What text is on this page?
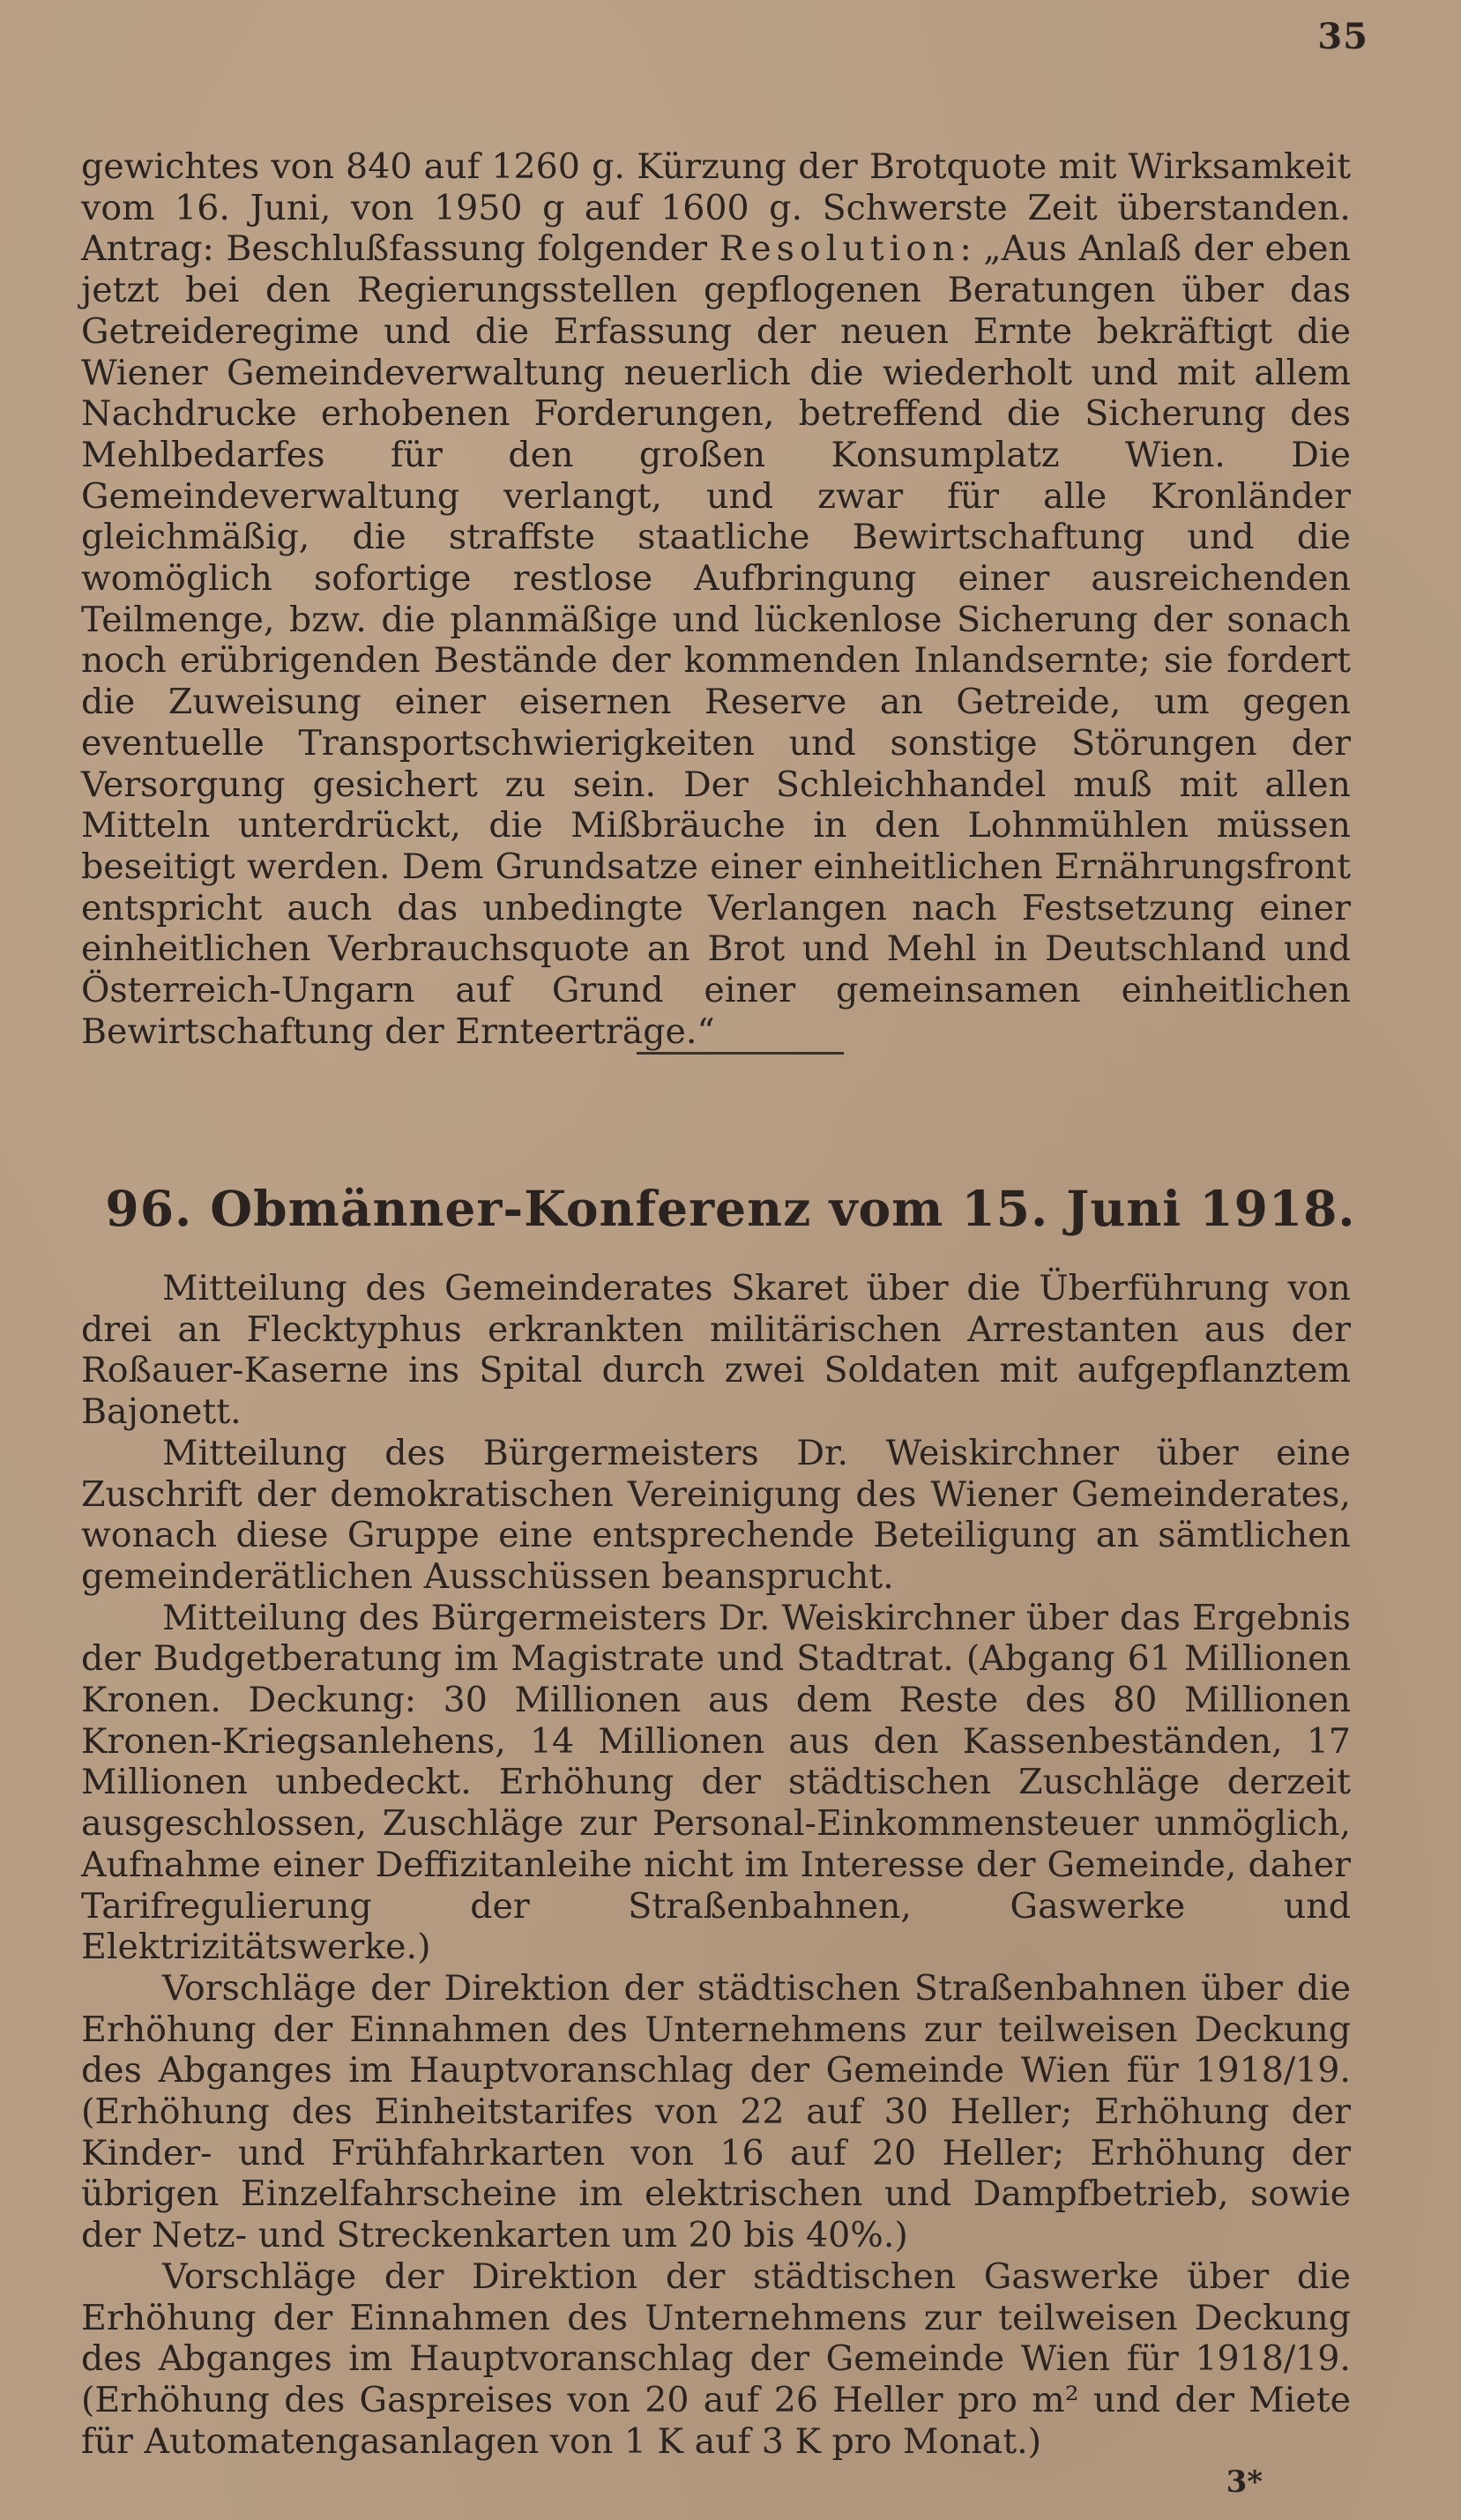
35

gewichtes von 840 auf 1260 g. Kürzung der Brotquote mit Wirksamkeit vom 16. Juni, von 1950 g auf 1600 g. Schwerste Zeit überstanden. Antrag: Beschlußfassung folgender Resolution: „Aus Anlaß der eben jetzt bei den Regierungsstellen gepflogenen Beratungen über das Getreideregime und die Erfassung der neuen Ernte bekräftigt die Wiener Gemeindeverwaltung neuerlich die wiederholt und mit allem Nachdrucke erhobenen Forderungen, betreffend die Sicherung des Mehlbedarfes für den großen Konsumplatz Wien. Die Gemeindeverwaltung verlangt, und zwar für alle Kronländer gleichmäßig, die straffste staatliche Bewirtschaftung und die womöglich sofortige restlose Aufbringung einer ausreichenden Teilmenge, bzw. die planmäßige und lückenlose Sicherung der sonach noch erübrigenden Bestände der kommenden Inlandsernte; sie fordert die Zuweisung einer eisernen Reserve an Getreide, um gegen eventuelle Transportschwierigkeiten und sonstige Störungen der Versorgung gesichert zu sein. Der Schleichhandel muß mit allen Mitteln unterdrückt, die Mißbräuche in den Lohnmühlen müssen beseitigt werden. Dem Grundsatze einer einheitlichen Ernährungsfront entspricht auch das unbedingte Verlangen nach Festsetzung einer einheitlichen Verbrauchsquote an Brot und Mehl in Deutschland und Österreich-Ungarn auf Grund einer gemeinsamen einheitlichen Bewirtschaftung der Ernteerträge.“

96. Obmänner-Konferenz vom 15. Juni 1918.

Mitteilung des Gemeinderates Skaret über die Überführung von drei an Flecktyphus erkrankten militärischen Arrestanten aus der Roßauer-Kaserne ins Spital durch zwei Soldaten mit aufgepflanztem Bajonett.

Mitteilung des Bürgermeisters Dr. Weiskirchner über eine Zuschrift der demokratischen Vereinigung des Wiener Gemeinderates, wonach diese Gruppe eine entsprechende Beteiligung an sämtlichen gemeinderätlichen Ausschüssen beansprucht.

Mitteilung des Bürgermeisters Dr. Weiskirchner über das Ergebnis der Budgetberatung im Magistrate und Stadtrat. (Abgang 61 Millionen Kronen. Deckung: 30 Millionen aus dem Reste des 80 Millionen Kronen-Kriegsanlehens, 14 Millionen aus den Kassenbeständen, 17 Millionen unbedeckt. Erhöhung der städtischen Zuschläge derzeit ausgeschlossen, Zuschläge zur Personal-Einkommensteuer unmöglich, Aufnahme einer Deffizitanleihe nicht im Interesse der Gemeinde, daher Tarifregulierung der Straßenbahnen, Gaswerke und Elektrizitätswerke.)

Vorschläge der Direktion der städtischen Straßenbahnen über die Erhöhung der Einnahmen des Unternehmens zur teilweisen Deckung des Abganges im Hauptvoranschlag der Gemeinde Wien für 1918/19. (Erhöhung des Einheitstarifes von 22 auf 30 Heller; Erhöhung der Kinder- und Frühfahrkarten von 16 auf 20 Heller; Erhöhung der übrigen Einzelfahrscheine im elektrischen und Dampfbetrieb, sowie der Netz- und Streckenkarten um 20 bis 40%.)

Vorschläge der Direktion der städtischen Gaswerke über die Erhöhung der Einnahmen des Unternehmens zur teilweisen Deckung des Abganges im Hauptvoranschlag der Gemeinde Wien für 1918/19. (Erhöhung des Gaspreises von 20 auf 26 Heller pro m² und der Miete für Automatengasanlagen von 1 K auf 3 K pro Monat.)

3*
